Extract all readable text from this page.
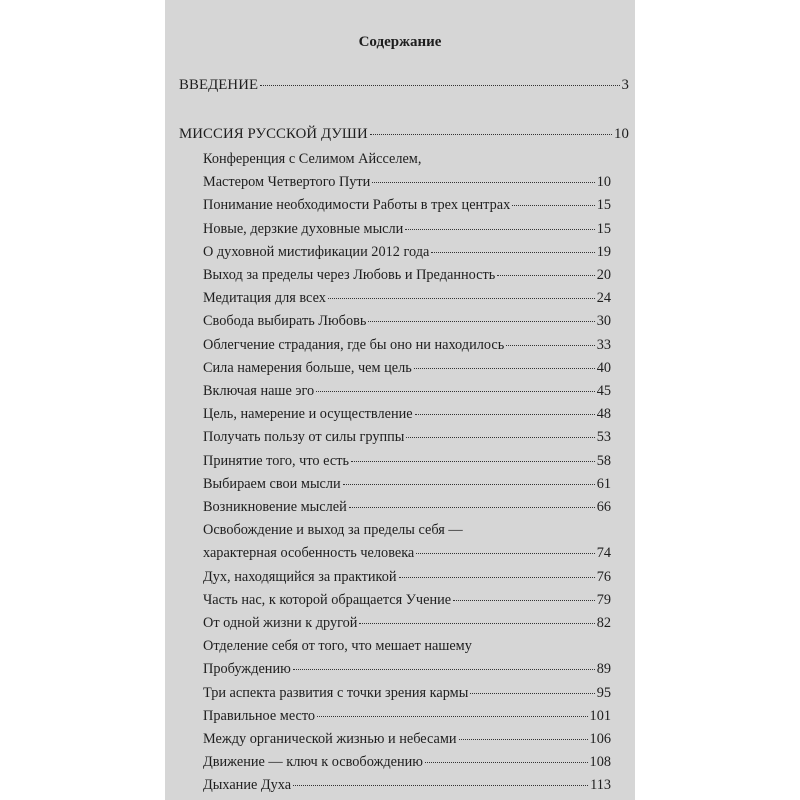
Содержание
ВВЕДЕНИЕ	3
МИССИЯ РУССКОЙ ДУШИ	10
Конференция с Селимом Айсселем,
Мастером Четвертого Пути	10
Понимание необходимости Работы в трех центрах	15
Новые, дерзкие духовные мысли	15
О духовной мистификации 2012 года	19
Выход за пределы через Любовь и Преданность	20
Медитация для всех	24
Свобода выбирать Любовь	30
Облегчение страдания, где бы оно ни находилось	33
Сила намерения больше, чем цель	40
Включая наше эго	45
Цель, намерение и осуществление	48
Получать пользу от силы группы	53
Принятие того, что есть	58
Выбираем свои мысли	61
Возникновение мыслей	66
Освобождение и выход за пределы себя —
характерная особенность человека	74
Дух, находящийся за практикой	76
Часть нас, к которой обращается Учение	79
От одной жизни к другой	82
Отделение себя от того, что мешает нашему
Пробуждению	89
Три аспекта развития с точки зрения кармы	95
Правильное место	101
Между органической жизнью и небесами	106
Движение — ключ к освобождению	108
Дыхание Духа	113
